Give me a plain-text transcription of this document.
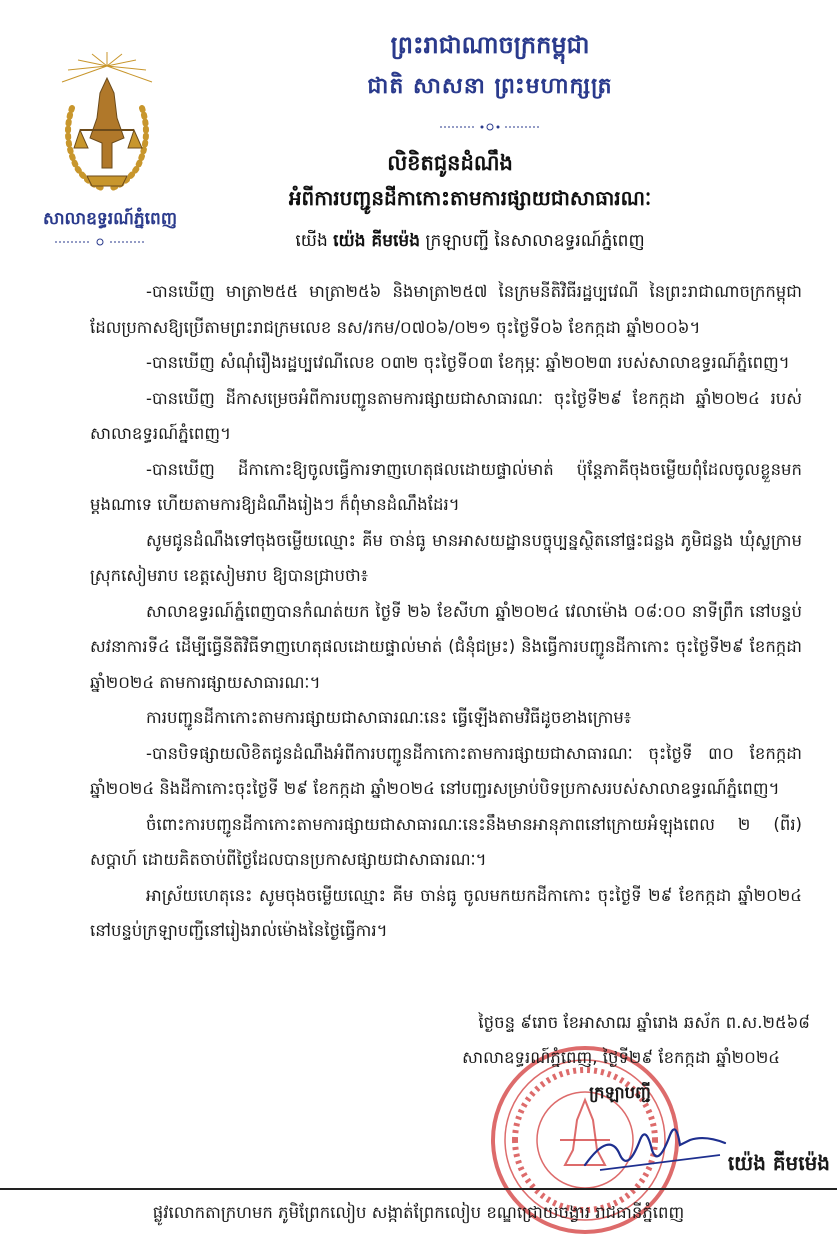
ព្រះរាជាណាចក្រកម្ពុជា
ជាតិ សាសនា ព្រះមហាក្សត្រ
សាលាឧទ្ធរណ៍ភ្នំពេញ
លិខិតជូនដំណឹង
អំពីការបញ្ជូនដីកាកោះតាមការផ្សាយជាសាធារណៈ
យើង យ៉េង គីមម៉េង ក្រឡាបញ្ជី នៃសាលាឧទ្ធរណ៍ភ្នំពេញ

-បានឃើញ មាត្រា២៥៥ មាត្រា២៥៦ និងមាត្រា២៥៧ នៃក្រមនីតិវិធីរដ្ឋប្បវេណី នៃព្រះរាជាណាចក្រកម្ពុជា ដែលប្រកាសឱ្យប្រើតាមព្រះរាជក្រមលេខ នស/រកម/០៧០៦/០២១ ចុះថ្ងៃទី០៦ ខែកក្កដា ឆ្នាំ២០០៦។

-បានឃើញ សំណុំរឿងរដ្ឋប្បវេណីលេខ ០៣២ ចុះថ្ងៃទី០៣ ខែកុម្ភៈ ឆ្នាំ២០២៣ របស់សាលាឧទ្ធរណ៍ភ្នំពេញ។

-បានឃើញ ដីកាសម្រេចអំពីការបញ្ជូនតាមការផ្សាយជាសាធារណៈ ចុះថ្ងៃទី២៩ ខែកក្កដា ឆ្នាំ២០២៤ របស់សាលាឧទ្ធរណ៍ភ្នំពេញ។

-បានឃើញ ដីកាកោះឱ្យចូលធ្វើការទាញហេតុផលដោយផ្ទាល់មាត់ ប៉ុន្តែភាគីចុងចម្លើយពុំដែលចូលខ្លួនមកម្តងណាទេ ហើយតាមការឱ្យដំណឹងរៀងៗ ក៏ពុំមានដំណឹងដែរ។

សូមជូនដំណឹងទៅចុងចម្លើយឈ្មោះ គីម ចាន់ធូ មានអាសយដ្ឋានបច្ចុប្បន្នស្ថិតនៅផ្ទះជន្លង ភូមិជន្លង ឃុំស្លក្រាម ស្រុកសៀមរាប ខេត្តសៀមរាប ឱ្យបានជ្រាបថា៖

សាលាឧទ្ធរណ៍ភ្នំពេញបានកំណត់យក ថ្ងៃទី ២៦ ខែសីហា ឆ្នាំ២០២៤ វេលាម៉ោង ០៨:០០ នាទីព្រឹក នៅបន្ទប់សវនាការទី៤ ដើម្បីធ្វើនីតិវិធីទាញហេតុផលដោយផ្ទាល់មាត់ (ជំនុំជម្រះ) និងធ្វើការបញ្ជូនដីកាកោះ ចុះថ្ងៃទី២៩ ខែកក្កដា ឆ្នាំ២០២៤ តាមការផ្សាយសាធារណៈ។

ការបញ្ជូនដីកាកោះតាមការផ្សាយជាសាធារណៈនេះ ធ្វើឡើងតាមវិធីដូចខាងក្រោម៖

-បានបិទផ្សាយលិខិតជូនដំណឹងអំពីការបញ្ជូនដីកាកោះតាមការផ្សាយជាសាធារណៈ ចុះថ្ងៃទី ៣០ ខែកក្កដា ឆ្នាំ២០២៤ និងដីកាកោះចុះថ្ងៃទី ២៩ ខែកក្កដា ឆ្នាំ២០២៤ នៅបញ្ជរសម្រាប់បិទប្រកាសរបស់សាលាឧទ្ធរណ៍ភ្នំពេញ។

ចំពោះការបញ្ជូនដីកាកោះតាមការផ្សាយជាសាធារណៈនេះនឹងមានអានុភាពនៅក្រោយអំឡុងពេល ២ (ពីរ) សប្តាហ៍ ដោយគិតចាប់ពីថ្ងៃដែលបានប្រកាសផ្សាយជាសាធារណៈ។

អាស្រ័យហេតុនេះ សូមចុងចម្លើយឈ្មោះ គីម ចាន់ធូ ចូលមកយកដីកាកោះ ចុះថ្ងៃទី ២៩ ខែកក្កដា ឆ្នាំ២០២៤ នៅបន្ទប់ក្រឡាបញ្ជីនៅរៀងរាល់ម៉ោងនៃថ្ងៃធ្វើការ។

ថ្ងៃចន្ទ ៩រោច ខែអាសាឍ ឆ្នាំរោង ឆស័ក ព.ស.២៥៦៨
សាលាឧទ្ធរណ៍ភ្នំពេញ, ថ្ងៃទី២៩ ខែកក្កដា ឆ្នាំ២០២៤
ក្រឡាបញ្ជី
យ៉េង គីមម៉េង
ផ្លូវលោកតាក្រហមក ភូមិព្រែកលៀប សង្កាត់ព្រែកលៀប ខណ្ឌជ្រោយចង្វារ រាជធានីភ្នំពេញ
